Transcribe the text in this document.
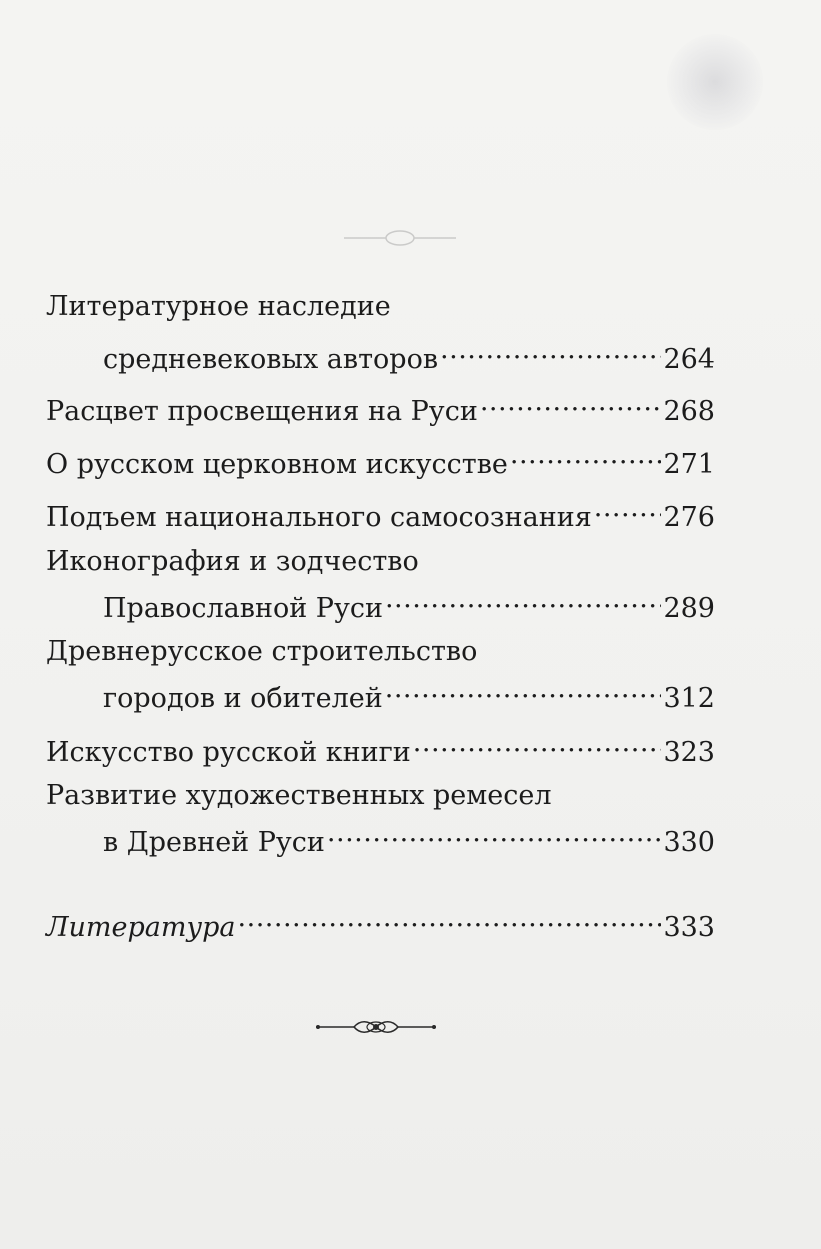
Литературное наследие
средневековых авторов .....	264
Расцвет просвещения на Руси .....	268
О русском церковном искусстве .....	271
Подъем национального самосознания .....	276
Иконография и зодчество
Православной Руси .....	289
Древнерусское строительство
городов и обителей .....	312
Искусство русской книги .....	323
Развитие художественных ремесел
в Древней Руси .....	330
Литература .....	333
